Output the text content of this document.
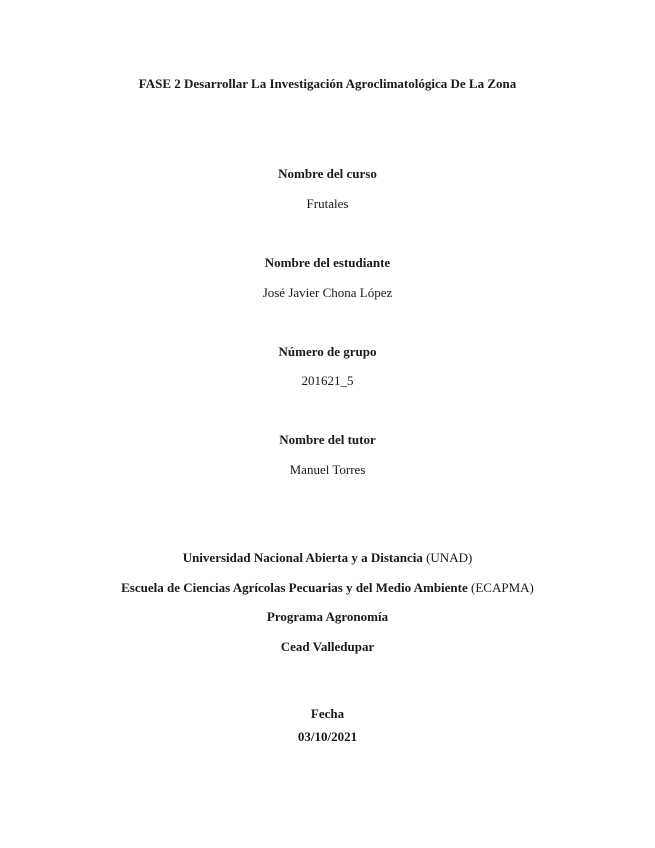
FASE 2 Desarrollar La Investigación Agroclimatológica De La Zona
Nombre del curso
Frutales
Nombre del estudiante
José Javier Chona López
Número de grupo
201621_5
Nombre del tutor
Manuel Torres
Universidad Nacional Abierta y a Distancia (UNAD)
Escuela de Ciencias Agrícolas Pecuarias y del Medio Ambiente (ECAPMA)
Programa Agronomía
Cead Valledupar
Fecha
03/10/2021
